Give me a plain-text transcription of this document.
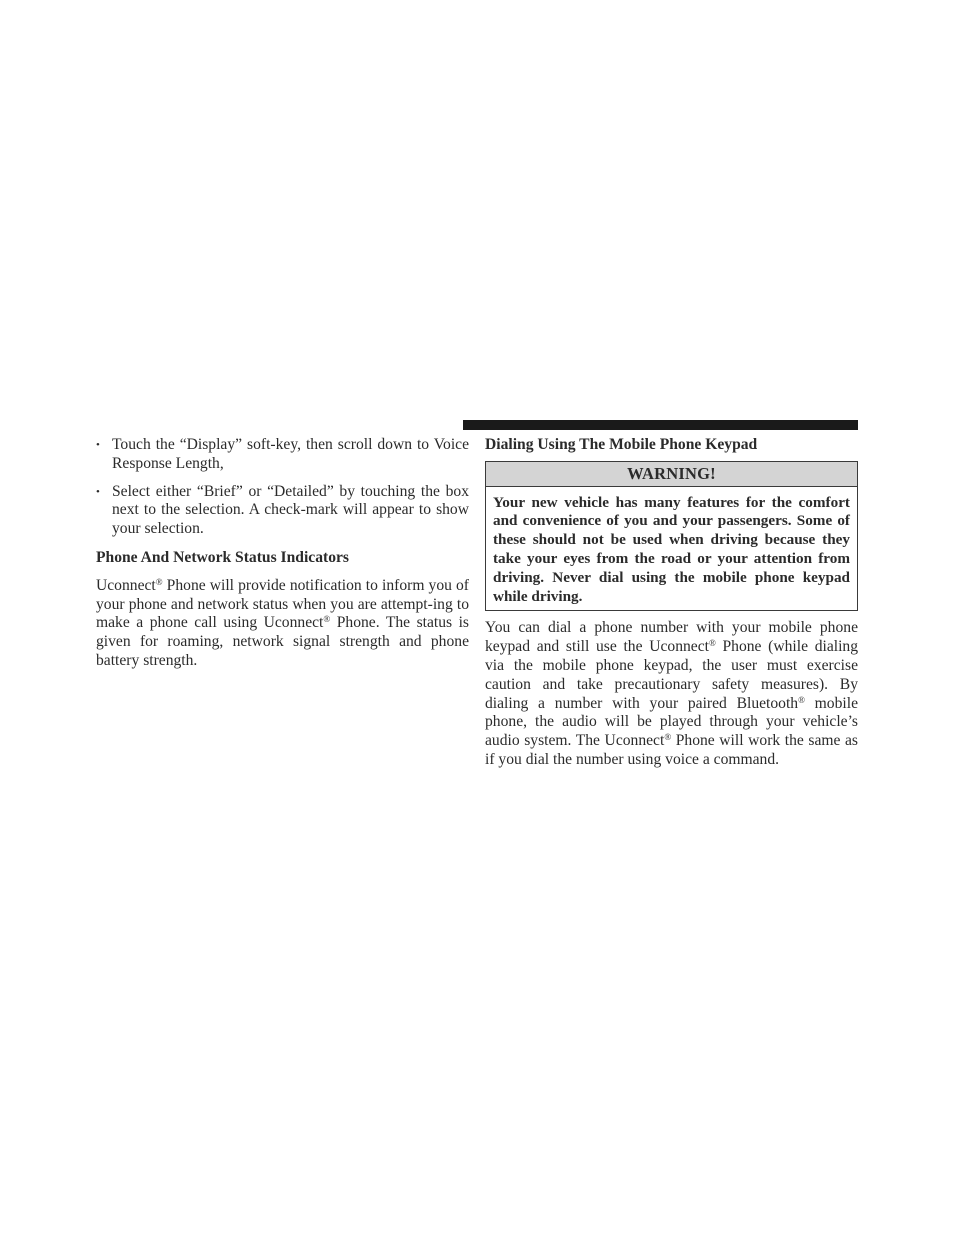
• Touch the “Display” soft-key, then scroll down to Voice Response Length,
• Select either “Brief” or “Detailed” by touching the box next to the selection. A check-mark will appear to show your selection.

Phone And Network Status Indicators

Uconnect® Phone will provide notification to inform you of your phone and network status when you are attempt-ing to make a phone call using Uconnect® Phone. The status is given for roaming, network signal strength and phone battery strength.

Dialing Using The Mobile Phone Keypad

WARNING!
Your new vehicle has many features for the comfort and convenience of you and your passengers. Some of these should not be used when driving because they take your eyes from the road or your attention from driving. Never dial using the mobile phone keypad while driving.

You can dial a phone number with your mobile phone keypad and still use the Uconnect® Phone (while dialing via the mobile phone keypad, the user must exercise caution and take precautionary safety measures). By dialing a number with your paired Bluetooth® mobile phone, the audio will be played through your vehicle’s audio system. The Uconnect® Phone will work the same as if you dial the number using voice a command.
